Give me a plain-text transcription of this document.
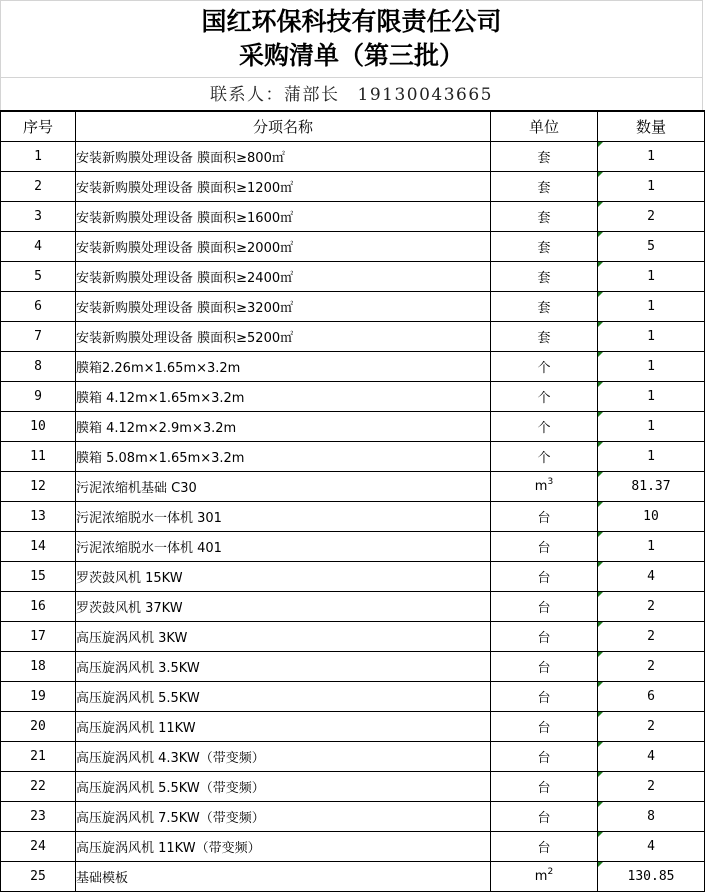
国红环保科技有限责任公司
采购清单（第三批）
联系人：蒲部长 19130043665
序号	分项名称	单位	数量
1	安装新购膜处理设备 膜面积≥800㎡	套	1
2	安装新购膜处理设备 膜面积≥1200㎡	套	1
3	安装新购膜处理设备 膜面积≥1600㎡	套	2
4	安装新购膜处理设备 膜面积≥2000㎡	套	5
5	安装新购膜处理设备 膜面积≥2400㎡	套	1
6	安装新购膜处理设备 膜面积≥3200㎡	套	1
7	安装新购膜处理设备 膜面积≥5200㎡	套	1
8	膜箱2.26m×1.65m×3.2m	个	1
9	膜箱 4.12m×1.65m×3.2m	个	1
10	膜箱 4.12m×2.9m×3.2m	个	1
11	膜箱 5.08m×1.65m×3.2m	个	1
12	污泥浓缩机基础 C30	$m^3$	81.37
13	污泥浓缩脱水一体机 301	台	10
14	污泥浓缩脱水一体机 401	台	1
15	罗茨鼓风机 15KW	台	4
16	罗茨鼓风机 37KW	台	2
17	高压旋涡风机 3KW	台	2
18	高压旋涡风机 3.5KW	台	2
19	高压旋涡风机 5.5KW	台	6
20	高压旋涡风机 11KW	台	2
21	高压旋涡风机 4.3KW（带变频）	台	4
22	高压旋涡风机 5.5KW（带变频）	台	2
23	高压旋涡风机 7.5KW（带变频）	台	8
24	高压旋涡风机 11KW（带变频）	台	4
25	基础模板	$m^2$	130.85
